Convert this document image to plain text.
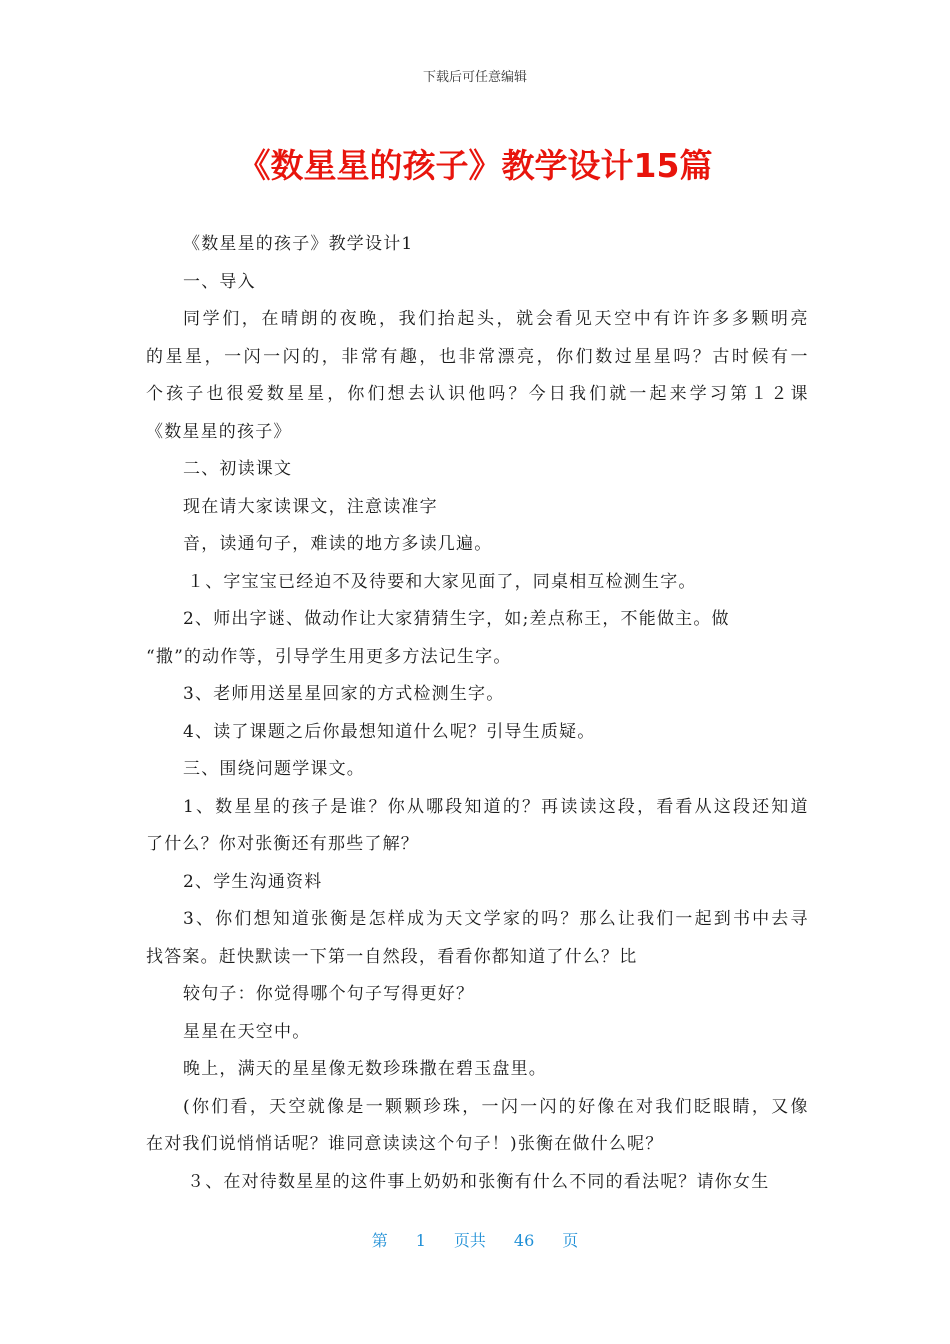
下载后可任意编辑
《数星星的孩子》教学设计15篇
《数星星的孩子》教学设计1
一、导入
同学们，在晴朗的夜晚，我们抬起头，就会看见天空中有许许多多颗明亮
的星星，一闪一闪的，非常有趣，也非常漂亮，你们数过星星吗？古时候有一
个孩子也很爱数星星，你们想去认识他吗？今日我们就一起来学习第１２课
《数星星的孩子》
二、初读课文
现在请大家读课文，注意读准字
音，读通句子，难读的地方多读几遍。
１、字宝宝已经迫不及待要和大家见面了，同桌相互检测生字。
2、师出字谜、做动作让大家猜猜生字，如;差点称王，不能做主。做
“撒”的动作等，引导学生用更多方法记生字。
3、老师用送星星回家的方式检测生字。
4、读了课题之后你最想知道什么呢？引导生质疑。
三、围绕问题学课文。
1、数星星的孩子是谁？你从哪段知道的？再读读这段，看看从这段还知道
了什么？你对张衡还有那些了解？
2、学生沟通资料
3、你们想知道张衡是怎样成为天文学家的吗？那么让我们一起到书中去寻
找答案。赶快默读一下第一自然段，看看你都知道了什么？比
较句子：你觉得哪个句子写得更好？
星星在天空中。
晚上，满天的星星像无数珍珠撒在碧玉盘里。
(你们看，天空就像是一颗颗珍珠，一闪一闪的好像在对我们眨眼睛，又像
在对我们说悄悄话呢？谁同意读读这个句子！)张衡在做什么呢？
３、在对待数星星的这件事上奶奶和张衡有什么不同的看法呢？请你女生
第 1 页共 46 页
